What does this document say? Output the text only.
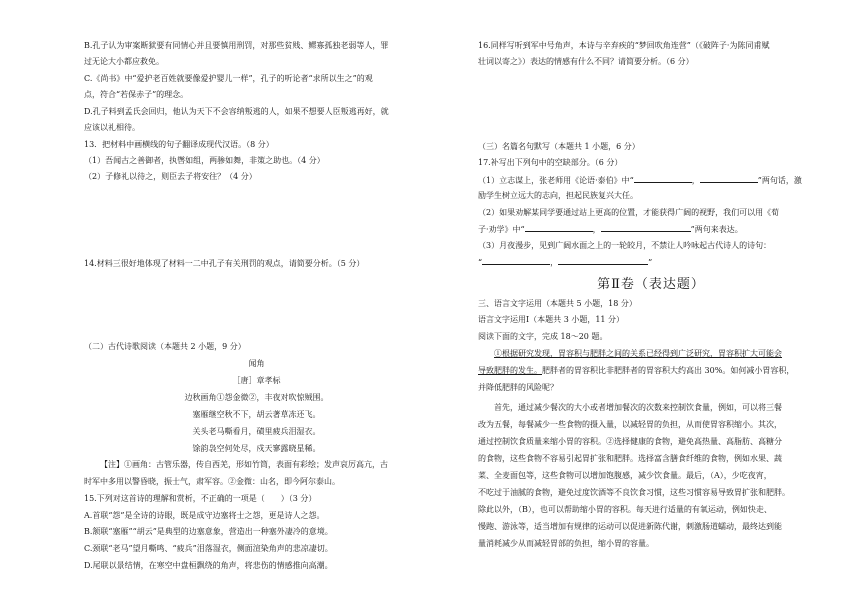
B.孔子认为审案断狱要有同情心并且要慎用刑罚，对那些贫贱、鳏寡孤独老弱等人，罪
过无论大小都应救免。
C.《尚书》中“爱护老百姓就要像爱护婴儿一样”，孔子的听论者“求所以生之”的观
点，符合“若保赤子”的理念。
D.孔子料到孟氏会回归，他认为天下不会容纳叛逃的人，如果不想要人臣叛逃再好，就
应该以礼相待。
13．把材料中画横线的句子翻译成现代汉语。（8 分）
（1）吾闻古之善御者，执辔如组，两骖如舞，非策之助也。（4 分）
（2）子修礼以待之，则臣去子将安往？（4 分）
14.材料三很好地体现了材料一二中孔子有关刑罚的观点，请简要分析。（5 分）
（二）古代诗歌阅读（本题共 2 小题，9 分）
闻角
［唐］章孝标
边秋画角①怨金微②，丰夜对吹惊贼围。
塞雁继空秋不下，胡云著草冻还飞。
关头老马嘶看月，磧里疲兵泪湿衣。
馀韵袅空何处尽，戍天寥露晓星稀。
【注】①画角：古管乐器，传自西羌，形如竹筒，表面有彩绘；发声哀厉高亢，古
时军中多用以警昏晓，振士气，肃军容。②金微：山名，即今阿尔泰山。
15.下列对这首诗的理解和赏析，不正确的一项是（　　）（3 分）
A.首联“怨”是全诗的诗眼，既是成守边塞将士之怨，更是诗人之怨。
B.颔联“塞雁”“胡云”是典型的边塞意象，营造出一种塞外凄冷的意境。
C.颈联“老马”望月嘶鸣、“疲兵”泪落湿衣，侧面渲染角声的悲凉凄切。
D.尾联以景结情，在寒空中盘桓飘绕的角声，将悲伤的情感推向高潮。
16.同样写听到军中号角声，本诗与辛弃疾的“梦回吹角连营”（《破阵子·为陈同甫赋
壮词以寄之》）表达的情感有什么不同？请简要分析。（6 分）
（三）名篇名句默写（本题共 1 小题，6 分）
17.补写出下列句中的空缺部分。（6 分）
（1）立志谋上，张老师用《论语·泰伯》中“	，	”两句话，激
励学生树立远大的志向，担起民族复兴大任。
（2）如果劝解某同学要通过站上更高的位置，才能获得广阔的视野，我们可以用《荀
子·劝学》中“	，	”两句来表达。
（3）月夜漫步，见到广阔水面之上的一轮皎月，不禁让人吟咏起古代诗人的诗句：
“	，	”
第Ⅱ卷（表达题）
三、语言文字运用（本题共 5 小题，18 分）
语言文字运用Ⅰ（本题共 3 小题，11 分）
阅读下面的文字，完成 18～20 题。
①根据研究发现，胃容积与肥胖之间的关系已经得到广泛研究，胃容积扩大可能会
导致肥胖的发生。肥胖者的胃容积比非肥胖者的胃容积大约高出 30%。如何减小胃容积，
并降低肥胖的风险呢？
首先，通过减少餐次的大小或者增加餐次的次数来控制饮食量，例如，可以将三餐
改为五餐，每餐减少一些食物的摄入量，以减轻胃的负担，从而使胃容积缩小。其次，
通过控制饮食质量来缩小胃的容积。②选择健康的食物，避免高热量、高脂肪、高糖分
的食物，这些食物不容易引起胃扩张和肥胖。选择富含膳食纤维的食物，例如水果、蔬
菜、全麦面包等，这些食物可以增加饱腹感，减少饮食量。最后，（A），少吃夜宵，
不吃过于油腻的食物，避免过度饮酒等不良饮食习惯，这些习惯容易导致胃扩张和肥胖。
除此以外，（B），也可以帮助缩小胃的容积。每天进行适量的有氧运动，例如快走、
慢跑、游泳等，适当增加有规律的运动可以促进新陈代谢，刺激肠道蠕动，最终达到能
量消耗减少从而减轻胃部的负担，缩小胃的容量。
